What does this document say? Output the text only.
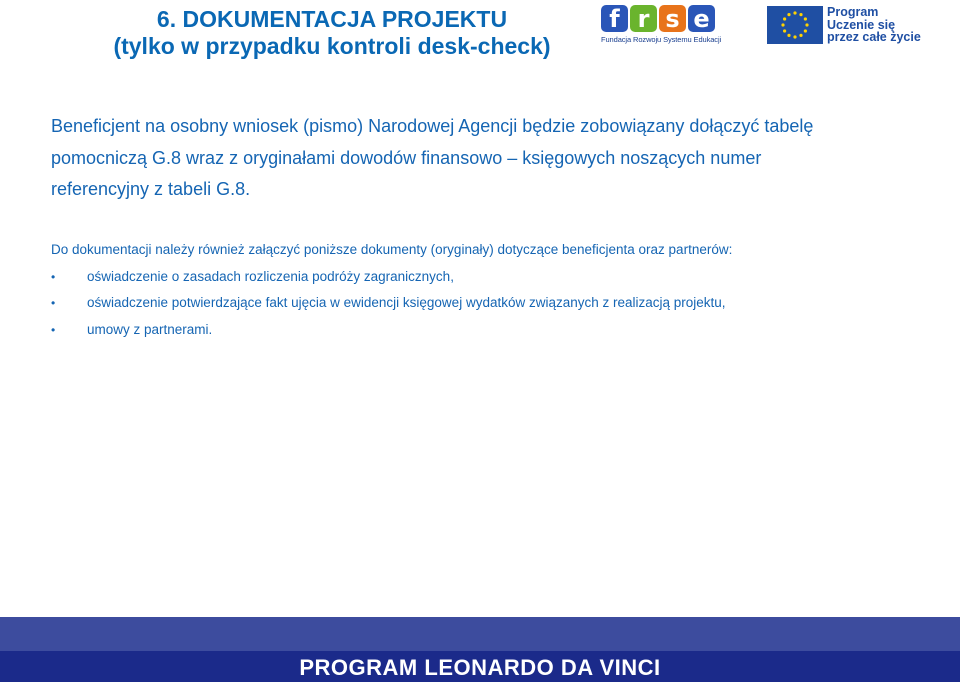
6. DOKUMENTACJA PROJEKTU
(tylko w przypadku kontroli desk-check)
f r s e
Fundacja Rozwoju Systemu Edukacji
Program
Uczenie się
przez całe życie
Beneficjent na osobny wniosek (pismo) Narodowej Agencji będzie zobowiązany dołączyć tabelę pomocniczą G.8 wraz z oryginałami dowodów finansowo – księgowych noszących numer referencyjny z tabeli G.8.
Do dokumentacji należy również załączyć poniższe dokumenty (oryginały) dotyczące beneficjenta oraz partnerów:
• oświadczenie o zasadach rozliczenia podróży zagranicznych,
• oświadczenie potwierdzające fakt ujęcia w ewidencji księgowej wydatków związanych z realizacją projektu,
• umowy z partnerami.
PROGRAM LEONARDO DA VINCI
